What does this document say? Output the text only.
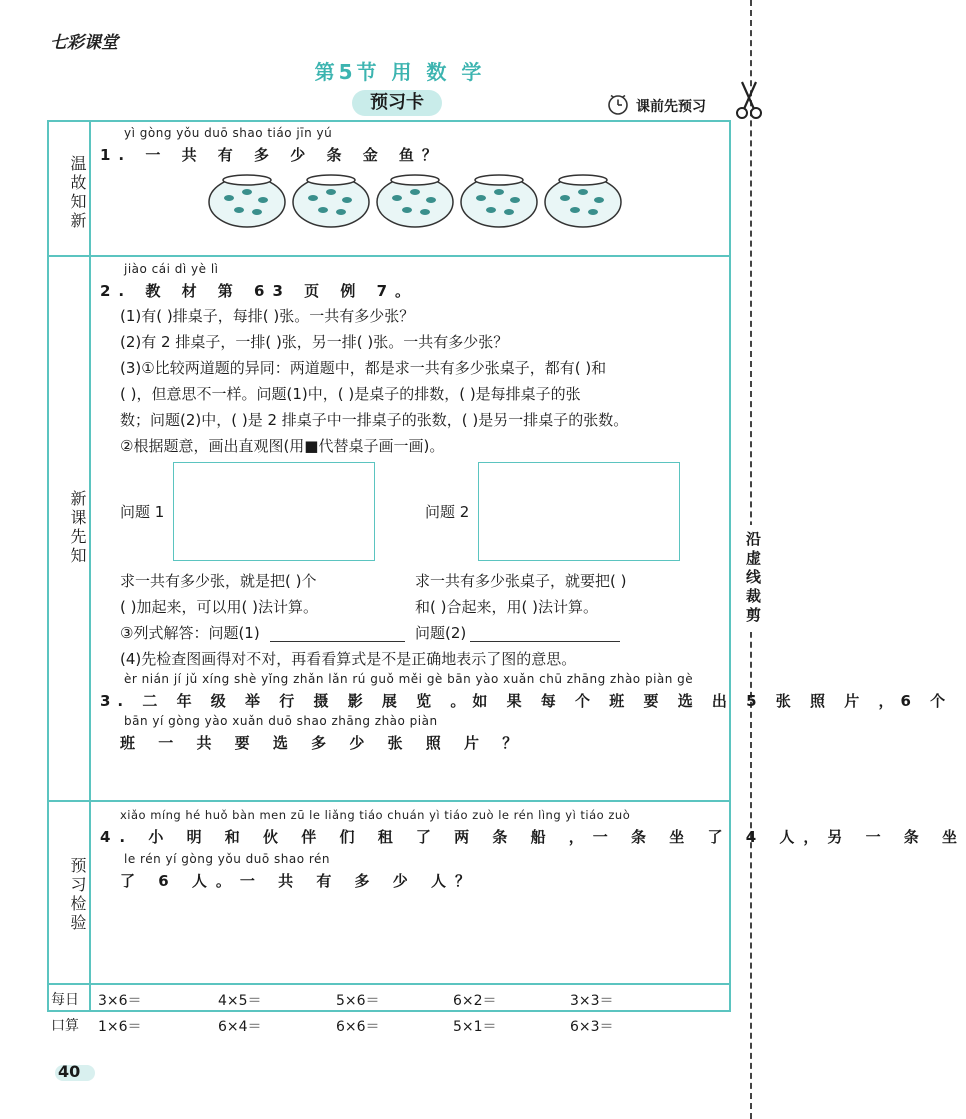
七彩课堂
第5节 用 数 学
预习卡	课前先预习
沿虚线裁剪
温故知新
新课先知
预习检验
yì gòng yǒu duō shao tiáo jīn yú
1. 一 共 有 多 少 条 金 鱼？
jiào cái dì yè lì
2. 教 材 第 63 页 例 7。
(1)有( )排桌子，每排( )张。一共有多少张？
(2)有 2 排桌子，一排( )张，另一排( )张。一共有多少张？
(3)①比较两道题的异同：两道题中，都是求一共有多少张桌子，都有( )和
( )，但意思不一样。问题(1)中，( )是桌子的排数，( )是每排桌子的张
数；问题(2)中，( )是 2 排桌子中一排桌子的张数，( )是另一排桌子的张数。
②根据题意，画出直观图(用■代替桌子画一画)。
问题 1	问题 2
求一共有多少张，就是把( )个
( )加起来，可以用( )法计算。
求一共有多少张桌子，就要把( )
和( )合起来，用( )法计算。
③列式解答：问题(1)	问题(2)
(4)先检查图画得对不对，再看看算式是不是正确地表示了图的意思。
èr nián jí jǔ xíng shè yǐng zhǎn lǎn rú guǒ měi gè bān yào xuǎn chū zhāng zhào piàn gè
3. 二 年 级 举 行 摄 影 展 览 。如 果 每 个 班 要 选 出 5 张 照 片 ，6 个
bān yí gòng yào xuǎn duō shao zhāng zhào piàn
班 一 共 要 选 多 少 张 照 片 ？
xiǎo míng hé huǒ bàn men zū le liǎng tiáo chuán yì tiáo zuò le rén lìng yì tiáo zuò
4. 小 明 和 伙 伴 们 租 了 两 条 船 ，一 条 坐 了 4 人，另 一 条 坐
le rén yí gòng yǒu duō shao rén
了 6 人。一 共 有 多 少 人？
每日
口算
3×6＝	4×5＝	5×6＝	6×2＝	3×3＝
1×6＝	6×4＝	6×6＝	5×1＝	6×3＝
40
